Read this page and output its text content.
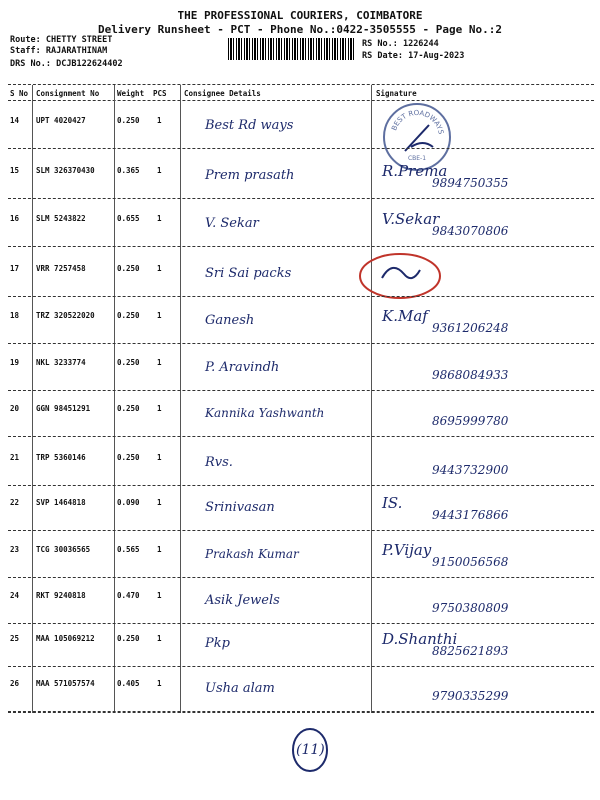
THE PROFESSIONAL COURIERS, COIMBATORE
Delivery Runsheet - PCT - Phone No.:0422-3505555 - Page No.:2
Route: CHETTY STREET
Staff: RAJARATHINAM
DRS No.: DCJB122624402
RS No.: 1226244
RS Date: 17-Aug-2023
S No Consignment No Weight PCS Consignee Details	Signature
BEST ROADWAYS
CBE-1
14 UPT 4020427	0.250 1	Best Rd ways
15 SLM 326370430	0.365 1	Prem prasath	R.Prema
9894750355
16 SLM 5243822	0.655 1	V. Sekar	V.Sekar
9843070806
17 VRR 7257458	0.250 1	Sri Sai packs
18 TRZ 320522020	0.250 1	Ganesh	K.Maf
9361206248
19 NKL 3233774	0.250 1	P. Aravindh	9868084933
20 GGN 98451291	0.250 1	Kannika Yashwanth
8695999780
21 TRP 5360146	0.250 1	Rvs.	9443732900
22 SVP 1464818	0.090 1	Srinivasan	IS.
9443176866
23 TCG 30036565	0.565 1	Prakash Kumar	P.Vijay
9150056568
24 RKT 9240818	0.470 1	Asik Jewels	9750380809
25 MAA 105069212	0.250 1	Pkp	D.Shanthi
8825621893
26 MAA 571057574	0.405 1	Usha alam	9790335299
(11)
